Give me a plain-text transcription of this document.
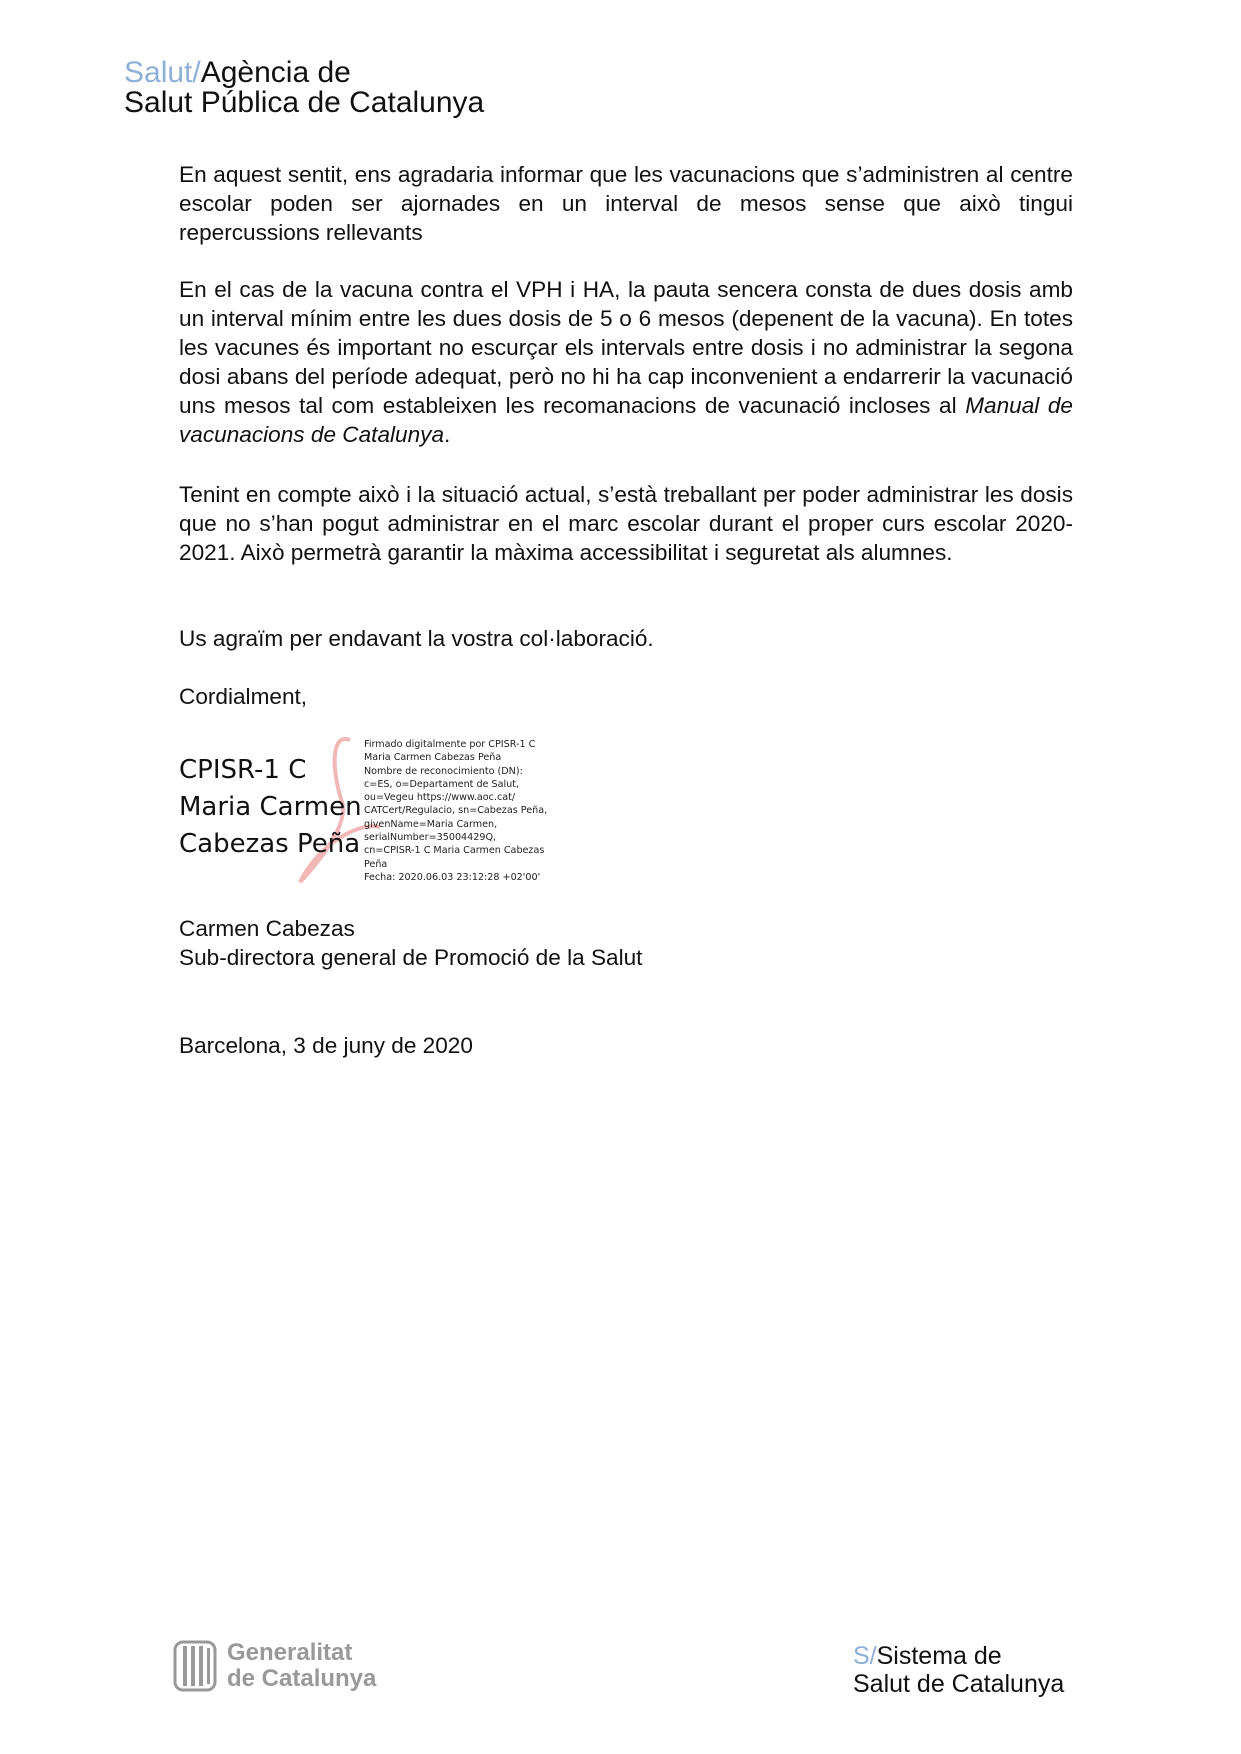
Salut/Agència de
Salut Pública de Catalunya

En aquest sentit, ens agradaria informar que les vacunacions que s’administren al centre escolar poden ser ajornades en un interval de mesos sense que això tingui repercussions rellevants

En el cas de la vacuna contra el VPH i HA, la pauta sencera consta de dues dosis amb un interval mínim entre les dues dosis de 5 o 6 mesos (depenent de la vacuna). En totes les vacunes és important no escurçar els intervals entre dosis i no administrar la segona dosi abans del període adequat, però no hi ha cap inconvenient a endarrerir la vacunació uns mesos tal com estableixen les recomanacions de vacunació incloses al Manual de vacunacions de Catalunya.

Tenint en compte això i la situació actual, s’està treballant per poder administrar les dosis que no s’han pogut administrar en el marc escolar durant el proper curs escolar 2020-2021. Això permetrà garantir la màxima accessibilitat i seguretat als alumnes.

Us agraïm per endavant la vostra col·laboració.

Cordialment,

CPISR-1 C
Maria Carmen
Cabezas Peña
Firmado digitalmente por CPISR-1 C
Maria Carmen Cabezas Peña
Nombre de reconocimiento (DN):
c=ES, o=Departament de Salut,
ou=Vegeu https://www.aoc.cat/
CATCert/Regulacio, sn=Cabezas Peña,
givenName=Maria Carmen,
serialNumber=35004429Q,
cn=CPISR-1 C Maria Carmen Cabezas
Peña
Fecha: 2020.06.03 23:12:28 +02'00'

Carmen Cabezas

Sub-directora general de Promoció de la Salut

Barcelona, 3 de juny de 2020

Generalitat
de Catalunya
S/Sistema de
Salut de Catalunya
